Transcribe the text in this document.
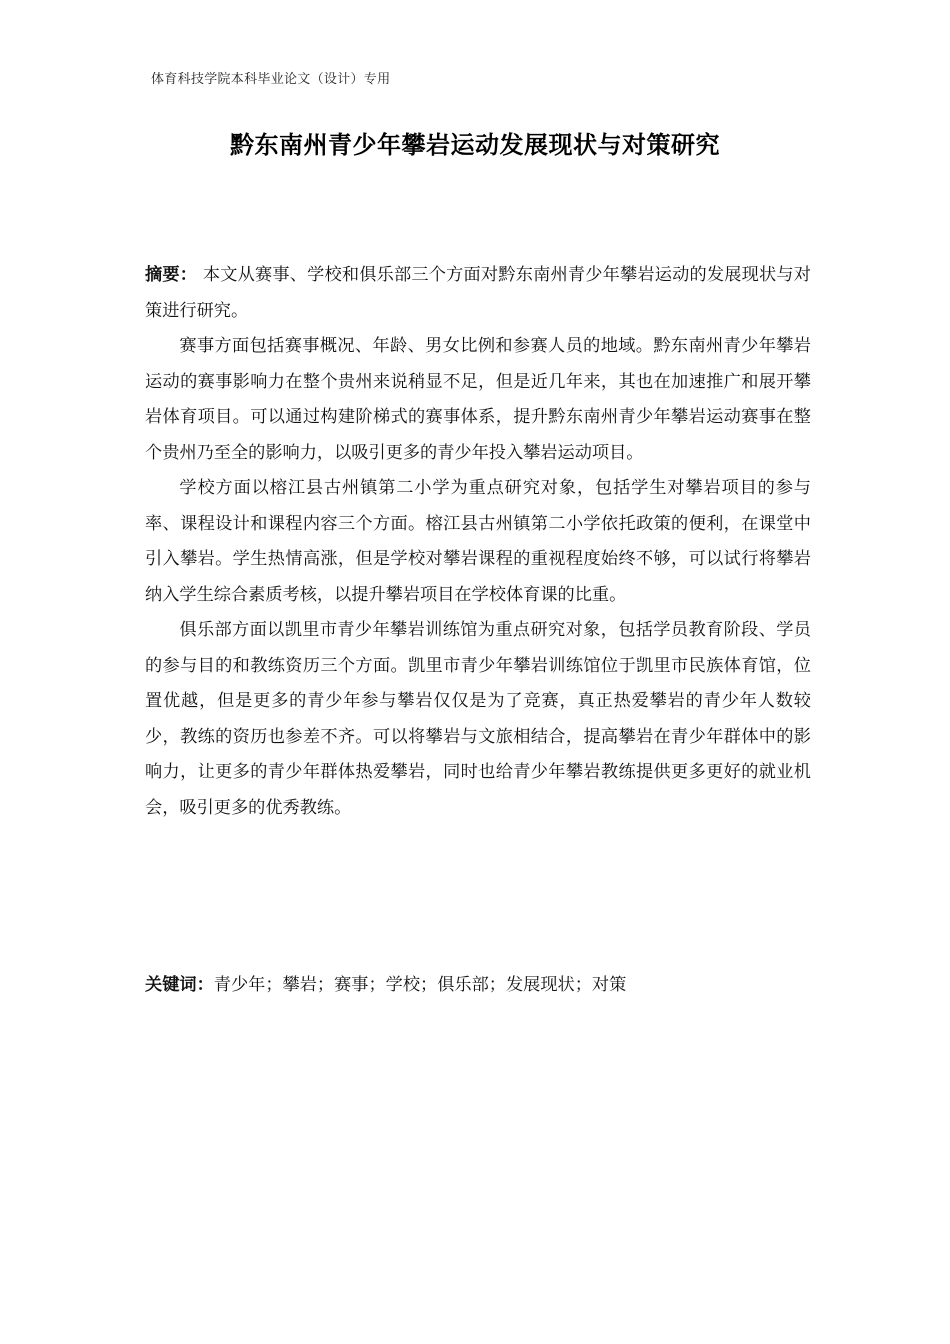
体育科技学院本科毕业论文（设计）专用
黔东南州青少年攀岩运动发展现状与对策研究

摘要： 本文从赛事、学校和俱乐部三个方面对黔东南州青少年攀岩运动的发展现状与对策进行研究。

赛事方面包括赛事概况、年龄、男女比例和参赛人员的地域。黔东南州青少年攀岩运动的赛事影响力在整个贵州来说稍显不足，但是近几年来，其也在加速推广和展开攀岩体育项目。可以通过构建阶梯式的赛事体系，提升黔东南州青少年攀岩运动赛事在整个贵州乃至全的影响力，以吸引更多的青少年投入攀岩运动项目。

学校方面以榕江县古州镇第二小学为重点研究对象，包括学生对攀岩项目的参与率、课程设计和课程内容三个方面。榕江县古州镇第二小学依托政策的便利，在课堂中引入攀岩。学生热情高涨，但是学校对攀岩课程的重视程度始终不够，可以试行将攀岩纳入学生综合素质考核，以提升攀岩项目在学校体育课的比重。

俱乐部方面以凯里市青少年攀岩训练馆为重点研究对象，包括学员教育阶段、学员的参与目的和教练资历三个方面。凯里市青少年攀岩训练馆位于凯里市民族体育馆，位置优越，但是更多的青少年参与攀岩仅仅是为了竞赛，真正热爱攀岩的青少年人数较少，教练的资历也参差不齐。可以将攀岩与文旅相结合，提高攀岩在青少年群体中的影响力，让更多的青少年群体热爱攀岩，同时也给青少年攀岩教练提供更多更好的就业机会，吸引更多的优秀教练。

关键词：青少年；攀岩；赛事；学校；俱乐部；发展现状；对策
